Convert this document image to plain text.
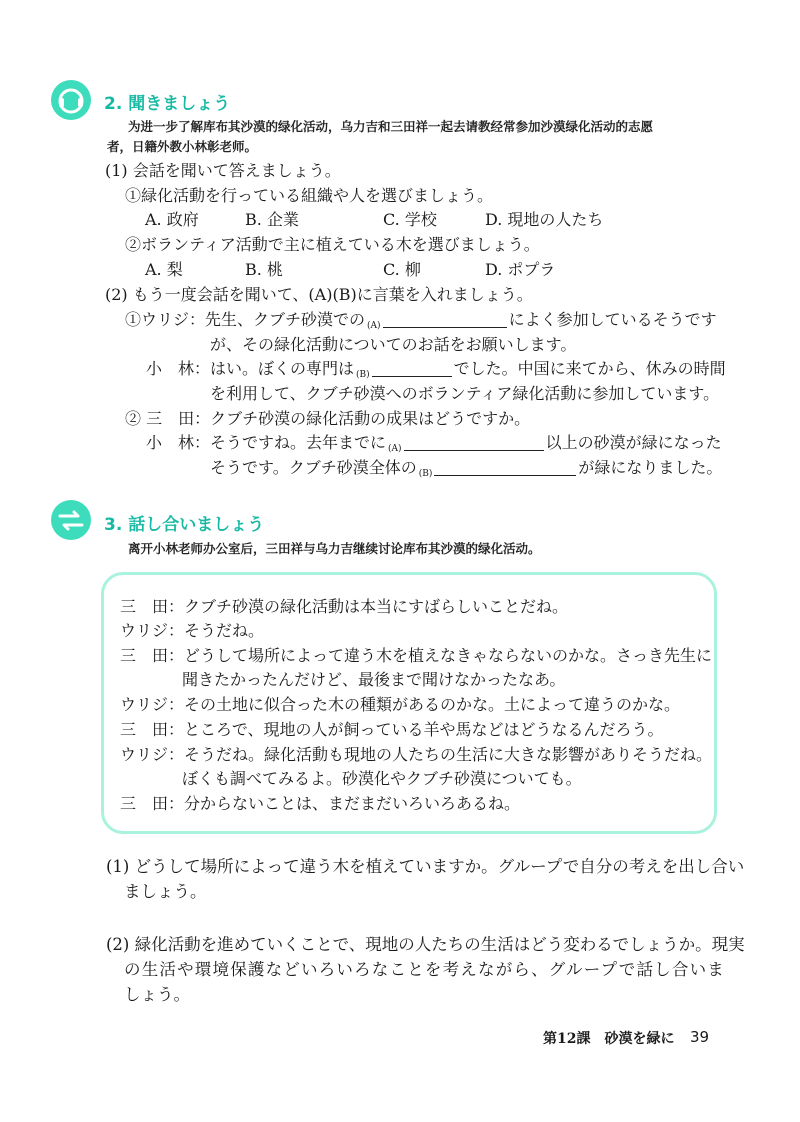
2. 聞きましょう
为进一步了解库布其沙漠的绿化活动，乌力吉和三田祥一起去请教经常参加沙漠绿化活动的志愿
者，日籍外教小林彰老师。
(1) 会話を聞いて答えましょう。
①緑化活動を行っている組織や人を選びましょう。
A. 政府	B. 企業	C. 学校	D. 現地の人たち
②ボランティア活動で主に植えている木を選びましょう。
A. 梨	B. 桃	C. 柳	D. ポプラ
(2) もう一度会話を聞いて、(A)(B)に言葉を入れましょう。
①ウリジ：先生、クブチ砂漠での $_{(A)}$	によく参加しているそうです
が、その緑化活動についてのお話をお願いします。
小　林：はい。ぼくの専門は $_{(B)}$	でした。中国に来てから、休みの時間
を利用して、クブチ砂漠へのボランティア緑化活動に参加しています。
② 三　田：クブチ砂漠の緑化活動の成果はどうですか。
小　林：そうですね。去年までに $_{(A)}$	以上の砂漠が緑になった
そうです。クブチ砂漠全体の $_{(B)}$	が緑になりました。
3. 話し合いましょう
离开小林老师办公室后，三田祥与乌力吉继续讨论库布其沙漠的绿化活动。
三　田：クブチ砂漠の緑化活動は本当にすばらしいことだね。
ウリジ：そうだね。
三　田：どうして場所によって違う木を植えなきゃならないのかな。さっき先生に
聞きたかったんだけど、最後まで聞けなかったなあ。
ウリジ：その土地に似合った木の種類があるのかな。土によって違うのかな。
三　田：ところで、現地の人が飼っている羊や馬などはどうなるんだろう。
ウリジ：そうだね。緑化活動も現地の人たちの生活に大きな影響がありそうだね。
ぼくも調べてみるよ。砂漠化やクブチ砂漠についても。
三　田：分からないことは、まだまだいろいろあるね。
(1) どうして場所によって違う木を植えていますか。グループで自分の考えを出し合い
ましょう。
(2) 緑化活動を進めていくことで、現地の人たちの生活はどう変わるでしょうか。現実
の生活や環境保護などいろいろなことを考えながら、グループで話し合いま
しょう。
第12課　砂漠を緑に 39
